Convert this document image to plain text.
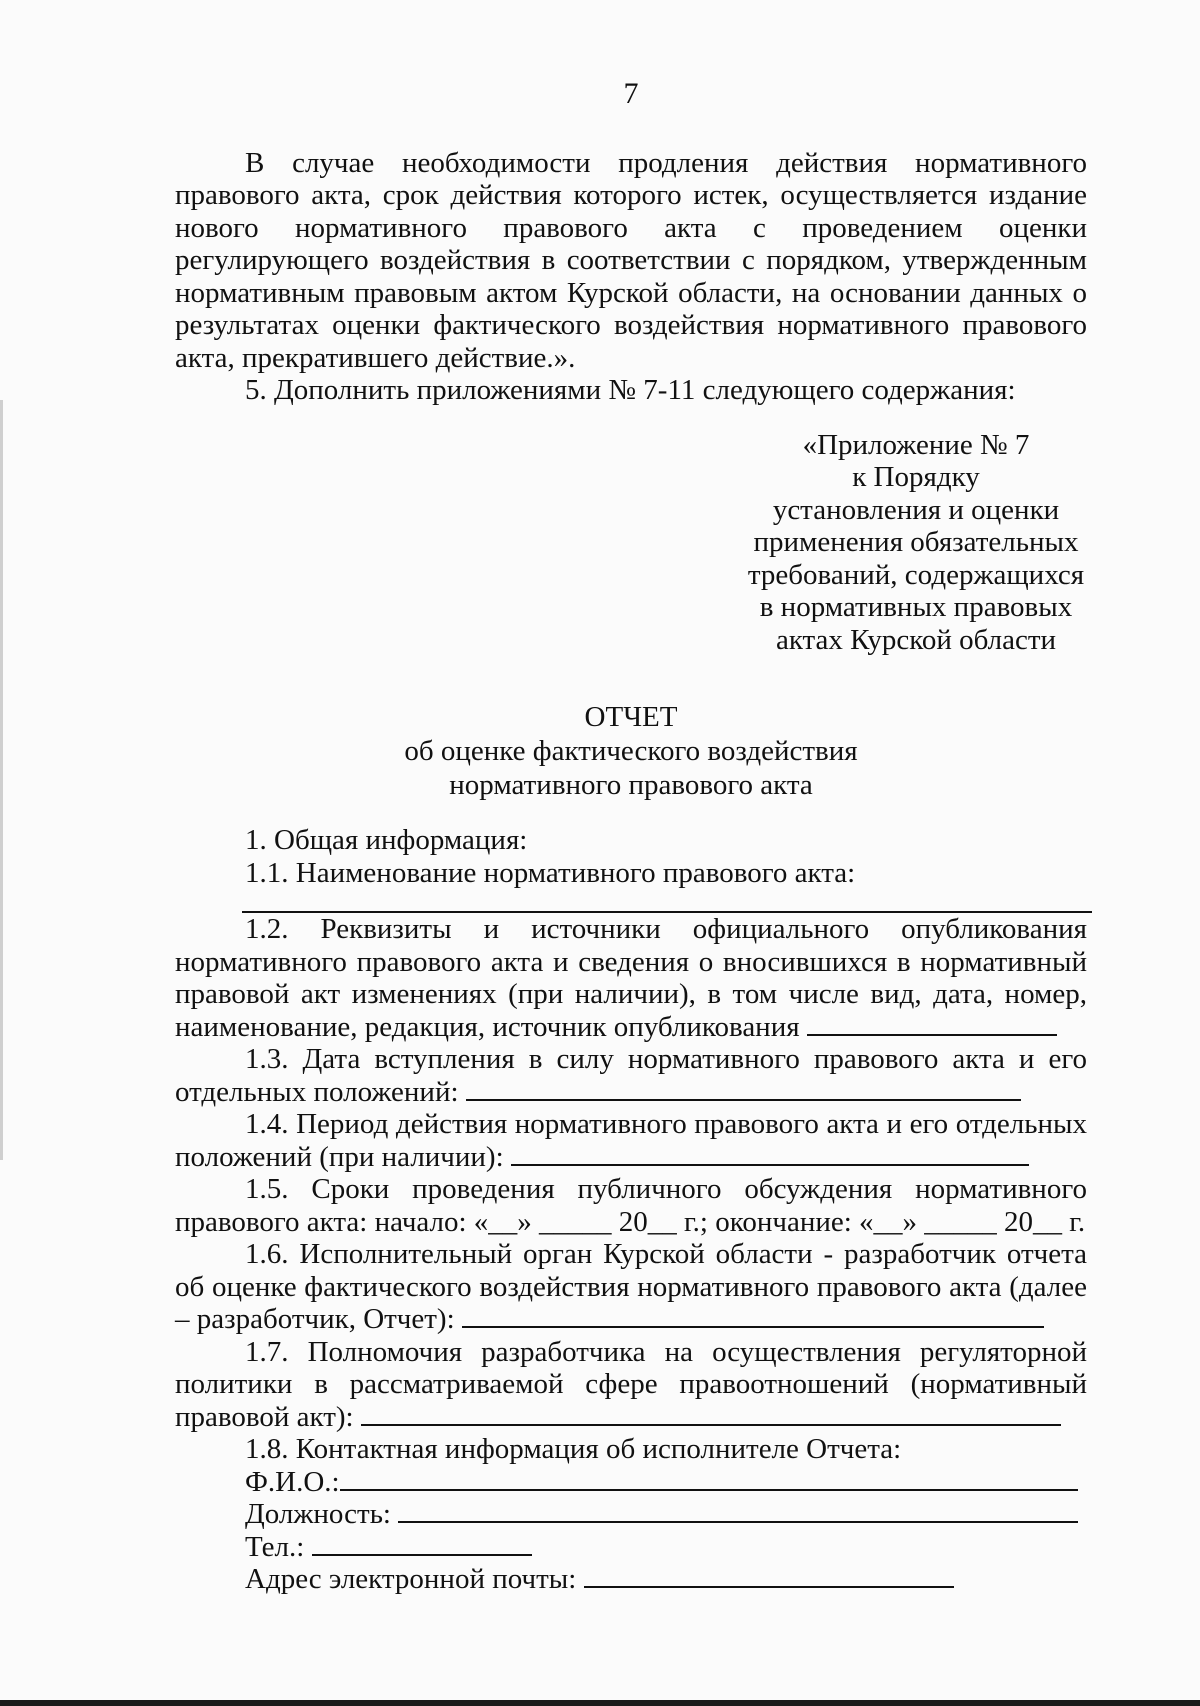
7

В случае необходимости продления действия нормативного правового акта, срок действия которого истек, осуществляется издание нового нормативного правового акта с проведением оценки регулирующего воздействия в соответствии с порядком, утвержденным нормативным правовым актом Курской области, на основании данных о результатах оценки фактического воздействия нормативного правового акта, прекратившего действие.».

5. Дополнить приложениями № 7-11 следующего содержания:

«Приложение № 7
к Порядку
установления и оценки
применения обязательных
требований, содержащихся
в нормативных правовых
актах Курской области
ОТЧЕТ
об оценке фактического воздействия
нормативного правового акта

1. Общая информация:

1.1. Наименование нормативного правового акта:

1.2. Реквизиты и источники официального опубликования нормативного правового акта и сведения о вносившихся в нормативный правовой акт изменениях (при наличии), в том числе вид, дата, номер, наименование, редакция, источник опубликования

1.3. Дата вступления в силу нормативного правового акта и его отдельных положений:

1.4. Период действия нормативного правового акта и его отдельных положений (при наличии):

1.5. Сроки проведения публичного обсуждения нормативного правового акта: начало: «__» _____ 20__ г.; окончание: «__» _____ 20__ г.

1.6. Исполнительный орган Курской области - разработчик отчета об оценке фактического воздействия нормативного правового акта (далее – разработчик, Отчет):

1.7. Полномочия разработчика на осуществления регуляторной политики в рассматриваемой сфере правоотношений (нормативный правовой акт):

1.8. Контактная информация об исполнителе Отчета:

Ф.И.О.:

Должность:

Тел.:

Адрес электронной почты:
